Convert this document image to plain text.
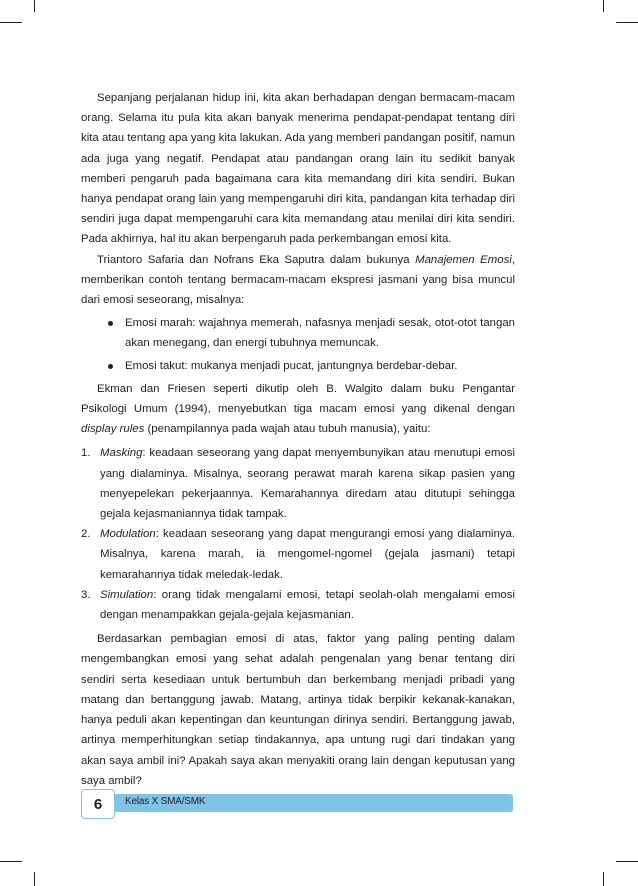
Sepanjang perjalanan hidup ini, kita akan berhadapan dengan bermacam-macam orang. Selama itu pula kita akan banyak menerima pendapat-pendapat tentang diri kita atau tentang apa yang kita lakukan. Ada yang memberi pandangan positif, namun ada juga yang negatif. Pendapat atau pandangan orang lain itu sedikit banyak memberi pengaruh pada bagaimana cara kita memandang diri kita sendiri. Bukan hanya pendapat orang lain yang mempengaruhi diri kita, pandangan kita terhadap diri sendiri juga dapat mempengaruhi cara kita memandang atau menilai diri kita sendiri. Pada akhirnya, hal itu akan berpengaruh pada perkembangan emosi kita.

Triantoro Safaria dan Nofrans Eka Saputra dalam bukunya Manajemen Emosi, memberikan contoh tentang bermacam-macam ekspresi jasmani yang bisa muncul dari emosi seseorang, misalnya:

Emosi marah: wajahnya memerah, nafasnya menjadi sesak, otot-otot tangan akan menegang, dan energi tubuhnya memuncak.
Emosi takut: mukanya menjadi pucat, jantungnya berdebar-debar.

Ekman dan Friesen seperti dikutip oleh B. Walgito dalam buku Pengantar Psikologi Umum (1994), menyebutkan tiga macam emosi yang dikenal dengan display rules (penampilannya pada wajah atau tubuh manusia), yaitu:

1. Masking: keadaan seseorang yang dapat menyembunyikan atau menutupi emosi yang dialaminya. Misalnya, seorang perawat marah karena sikap pasien yang menyepelekan pekerjaannya. Kemarahannya diredam atau ditutupi sehingga gejala kejasmaniannya tidak tampak.
2. Modulation: keadaan seseorang yang dapat mengurangi emosi yang dialaminya. Misalnya, karena marah, ia mengomel-ngomel (gejala jasmani) tetapi kemarahannya tidak meledak-ledak.
3. Simulation: orang tidak mengalami emosi, tetapi seolah-olah mengalami emosi dengan menampakkan gejala-gejala kejasmanian.

Berdasarkan pembagian emosi di atas, faktor yang paling penting dalam mengembangkan emosi yang sehat adalah pengenalan yang benar tentang diri sendiri serta kesediaan untuk bertumbuh dan berkembang menjadi pribadi yang matang dan bertanggung jawab. Matang, artinya tidak berpikir kekanak-kanakan, hanya peduli akan kepentingan dan keuntungan dirinya sendiri. Bertanggung jawab, artinya memperhitungkan setiap tindakannya, apa untung rugi dari tindakan yang akan saya ambil ini? Apakah saya akan menyakiti orang lain dengan keputusan yang saya ambil?

6	Kelas X SMA/SMK
